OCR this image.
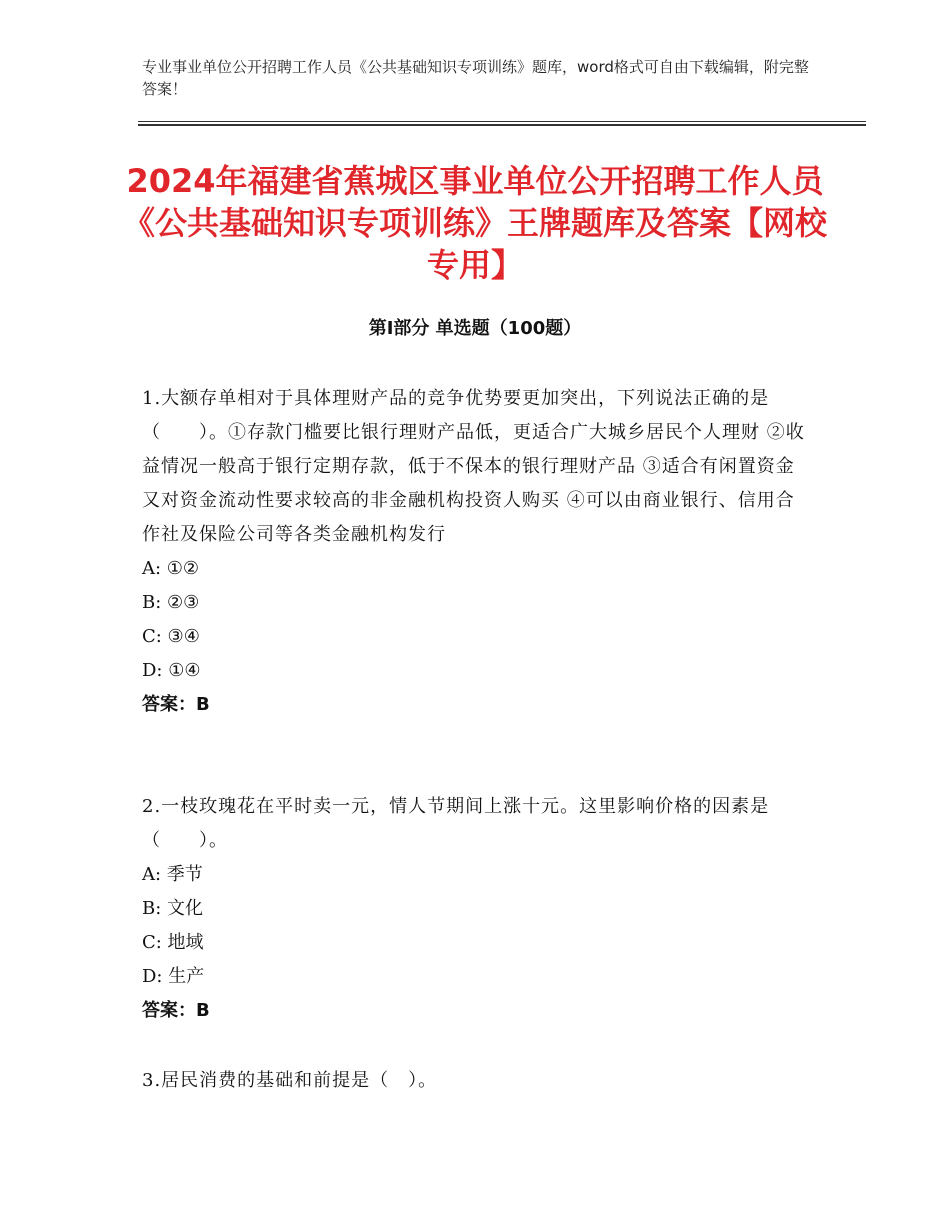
专业事业单位公开招聘工作人员《公共基础知识专项训练》题库，word格式可自由下载编辑，附完整答案！
2024年福建省蕉城区事业单位公开招聘工作人员《公共基础知识专项训练》王牌题库及答案【网校专用】
第Ⅰ部分 单选题（100题）

1.大额存单相对于具体理财产品的竞争优势要更加突出，下列说法正确的是（　　）。①存款门槛要比银行理财产品低，更适合广大城乡居民个人理财 ②收益情况一般高于银行定期存款，低于不保本的银行理财产品 ③适合有闲置资金又对资金流动性要求较高的非金融机构投资人购买 ④可以由商业银行、信用合作社及保险公司等各类金融机构发行

A: ①②

B: ②③

C: ③④

D: ①④

答案：B

2.一枝玫瑰花在平时卖一元，情人节期间上涨十元。这里影响价格的因素是（　　）。

A: 季节

B: 文化

C: 地域

D: 生产

答案：B

3.居民消费的基础和前提是（　）。
